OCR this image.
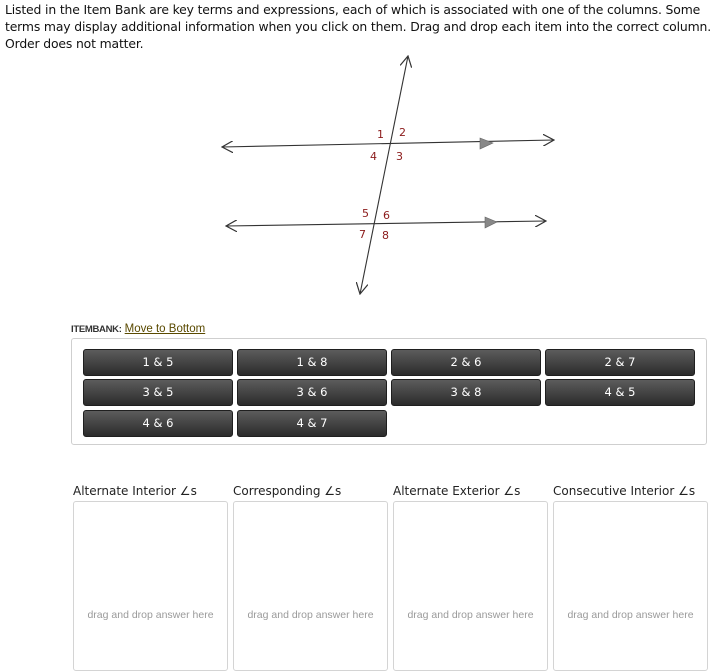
Listed in the Item Bank are key terms and expressions, each of which is associated with one of the columns. Some terms may display additional information when you click on them. Drag and drop each item into the correct column. Order does not matter.
1 2
4 3
5 6
7 8
ITEMBANK: Move to Bottom
1 & 5	1 & 8	2 & 6	2 & 7
3 & 5	3 & 6	3 & 8	4 & 5
4 & 6	4 & 7
Alternate Interior ∠s	Corresponding ∠s	Alternate Exterior ∠s	Consecutive Interior ∠s
drag and drop answer here	drag and drop answer here	drag and drop answer here	drag and drop answer here
